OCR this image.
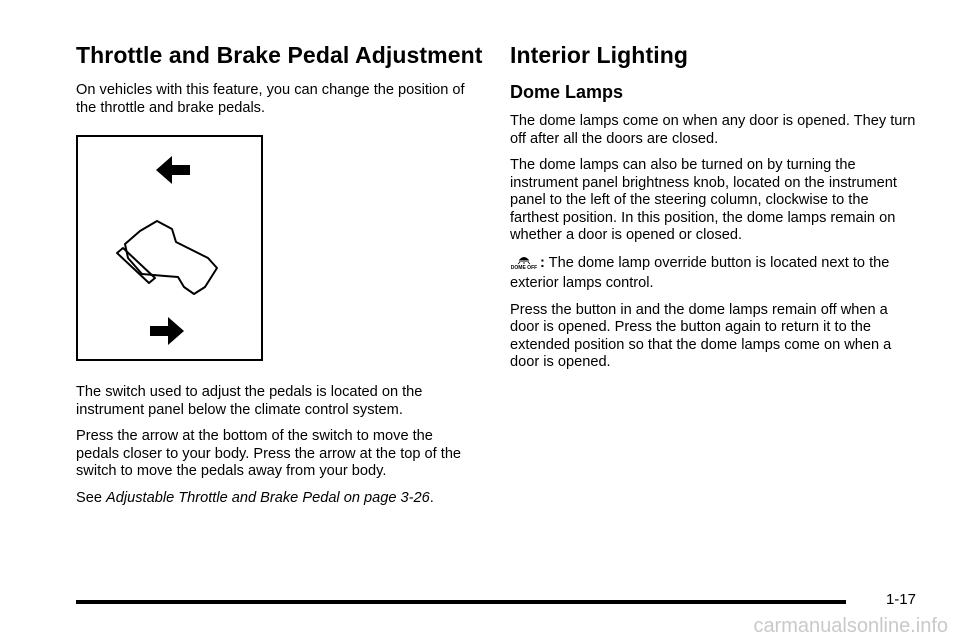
Throttle and Brake Pedal Adjustment

On vehicles with this feature, you can change the position of the throttle and brake pedals.

The switch used to adjust the pedals is located on the instrument panel below the climate control system.

Press the arrow at the bottom of the switch to move the pedals closer to your body. Press the arrow at the top of the switch to move the pedals away from your body.

See Adjustable Throttle and Brake Pedal on page 3‑26.

Interior Lighting
Dome Lamps

The dome lamps come on when any door is opened. They turn off after all the doors are closed.

The dome lamps can also be turned on by turning the instrument panel brightness knob, located on the instrument panel to the left of the steering column, clockwise to the farthest position. In this position, the dome lamps remain on whether a door is opened or closed.

DOME OFF : The dome lamp override button is located next to the exterior lamps control.

Press the button in and the dome lamps remain off when a door is opened. Press the button again to return it to the extended position so that the dome lamps come on when a door is opened.

1-17
carmanualsonline.info
